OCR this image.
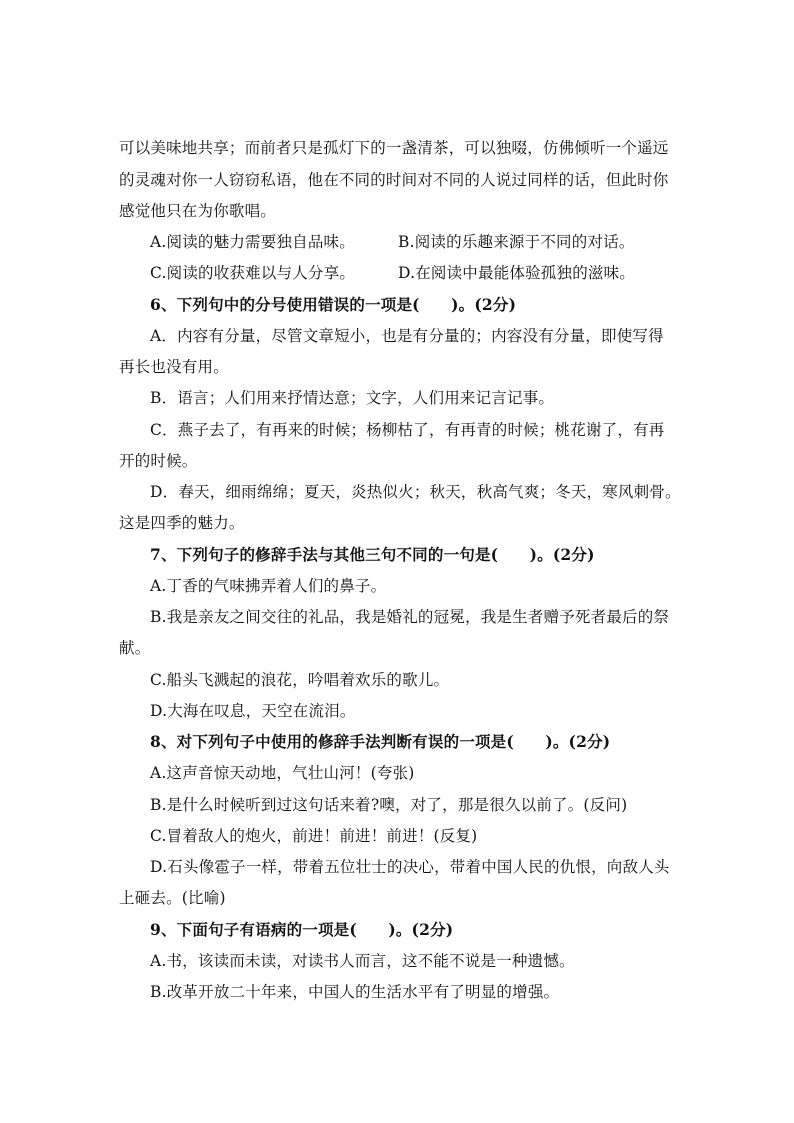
可以美味地共享；而前者只是孤灯下的一盏清茶，可以独啜，仿佛倾听一个遥远
的灵魂对你一人窃窃私语，他在不同的时间对不同的人说过同样的话，但此时你
感觉他只在为你歌唱。
A.阅读的魅力需要独自品味。	B.阅读的乐趣来源于不同的对话。
C.阅读的收获难以与人分享。	D.在阅读中最能体验孤独的滋味。
6、下列句中的分号使用错误的一项是(　　)。(2分)
A．内容有分量，尽管文章短小，也是有分量的；内容没有分量，即使写得
再长也没有用。
B．语言；人们用来抒情达意；文字，人们用来记言记事。
C．燕子去了，有再来的时候；杨柳枯了，有再青的时候；桃花谢了，有再
开的时候。
D．春天，细雨绵绵；夏天，炎热似火；秋天，秋高气爽；冬天，寒风刺骨。
这是四季的魅力。
7、下列句子的修辞手法与其他三句不同的一句是(　　)。(2分)
A.丁香的气味拂弄着人们的鼻子。
B.我是亲友之间交往的礼品，我是婚礼的冠冕，我是生者赠予死者最后的祭
献。
C.船头飞溅起的浪花，吟唱着欢乐的歌儿。
D.大海在叹息，天空在流泪。
8、对下列句子中使用的修辞手法判断有误的一项是(　　)。(2分)
A.这声音惊天动地，气壮山河！(夸张)
B.是什么时候听到过这句话来着?噢，对了，那是很久以前了。(反问)
C.冒着敌人的炮火，前进！前进！前进！(反复)
D.石头像雹子一样，带着五位壮士的决心，带着中国人民的仇恨，向敌人头
上砸去。(比喻)
9、下面句子有语病的一项是(　　)。(2分)
A.书，该读而未读，对读书人而言，这不能不说是一种遗憾。
B.改革开放二十年来，中国人的生活水平有了明显的增强。
